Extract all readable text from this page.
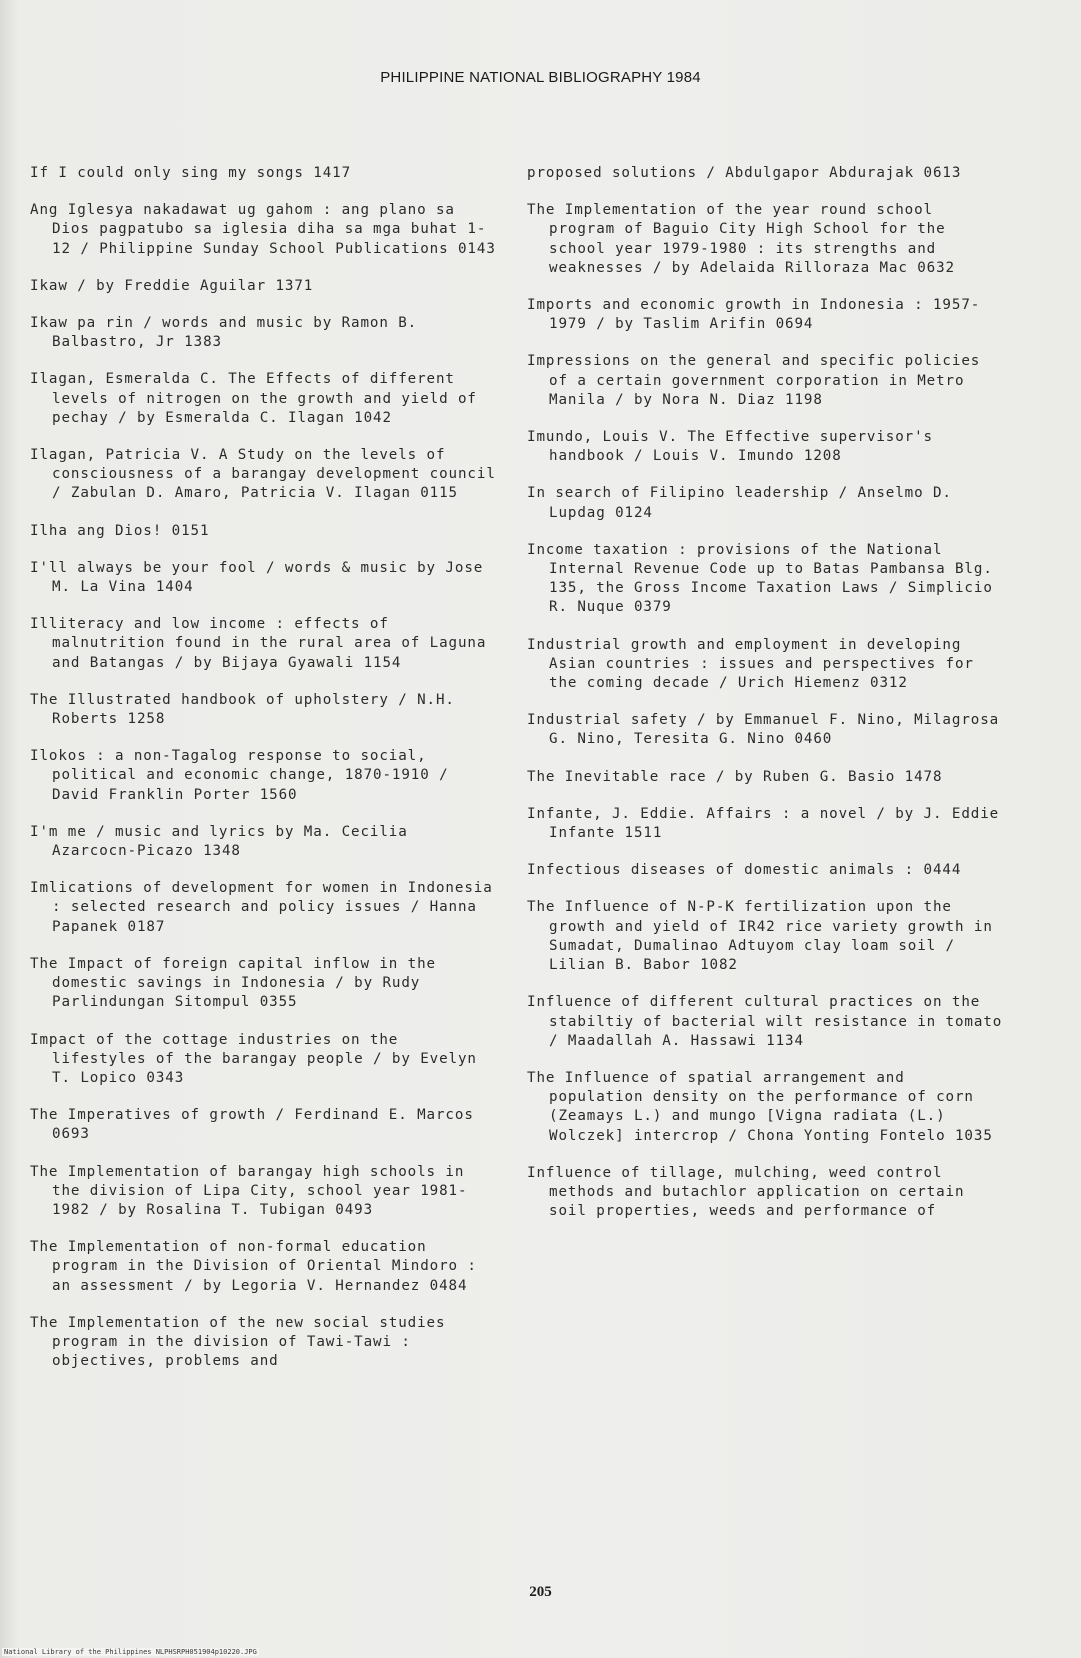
PHILIPPINE NATIONAL BIBLIOGRAPHY 1984

If I could only sing my songs 1417

Ang Iglesya nakadawat ug gahom : ang plano sa Dios pagpatubo sa iglesia diha sa mga buhat 1-12 / Philippine Sunday School Publications 0143

Ikaw / by Freddie Aguilar 1371

Ikaw pa rin / words and music by Ramon B. Balbastro, Jr 1383

Ilagan, Esmeralda C. The Effects of different levels of nitrogen on the growth and yield of pechay / by Esmeralda C. Ilagan 1042

Ilagan, Patricia V. A Study on the levels of consciousness of a barangay development council / Zabulan D. Amaro, Patricia V. Ilagan 0115

Ilha ang Dios! 0151

I'll always be your fool / words & music by Jose M. La Vina 1404

Illiteracy and low income : effects of malnutrition found in the rural area of Laguna and Batangas / by Bijaya Gyawali 1154

The Illustrated handbook of upholstery / N.H. Roberts 1258

Ilokos : a non-Tagalog response to social, political and economic change, 1870-1910 / David Franklin Porter 1560

I'm me / music and lyrics by Ma. Cecilia Azarcocn-Picazo 1348

Imlications of development for women in Indonesia : selected research and policy issues / Hanna Papanek 0187

The Impact of foreign capital inflow in the domestic savings in Indonesia / by Rudy Parlindungan Sitompul 0355

Impact of the cottage industries on the lifestyles of the barangay people / by Evelyn T. Lopico 0343

The Imperatives of growth / Ferdinand E. Marcos 0693

The Implementation of barangay high schools in the division of Lipa City, school year 1981-1982 / by Rosalina T. Tubigan 0493

The Implementation of non-formal education program in the Division of Oriental Mindoro : an assessment / by Legoria V. Hernandez 0484

The Implementation of the new social studies program in the division of Tawi-Tawi : objectives, problems and

proposed solutions / Abdulgapor Abdurajak 0613

The Implementation of the year round school program of Baguio City High School for the school year 1979-1980 : its strengths and weaknesses / by Adelaida Rilloraza Mac 0632

Imports and economic growth in Indonesia : 1957-1979 / by Taslim Arifin 0694

Impressions on the general and specific policies of a certain government corporation in Metro Manila / by Nora N. Diaz 1198

Imundo, Louis V. The Effective supervisor's handbook / Louis V. Imundo 1208

In search of Filipino leadership / Anselmo D. Lupdag 0124

Income taxation : provisions of the National Internal Revenue Code up to Batas Pambansa Blg. 135, the Gross Income Taxation Laws / Simplicio R. Nuque 0379

Industrial growth and employment in developing Asian countries : issues and perspectives for the coming decade / Urich Hiemenz 0312

Industrial safety / by Emmanuel F. Nino, Milagrosa G. Nino, Teresita G. Nino 0460

The Inevitable race / by Ruben G. Basio 1478

Infante, J. Eddie. Affairs : a novel / by J. Eddie Infante 1511

Infectious diseases of domestic animals : 0444

The Influence of N-P-K fertilization upon the growth and yield of IR42 rice variety growth in Sumadat, Dumalinao Adtuyom clay loam soil / Lilian B. Babor 1082

Influence of different cultural practices on the stabiltiy of bacterial wilt resistance in tomato / Maadallah A. Hassawi 1134

The Influence of spatial arrangement and population density on the performance of corn (Zeamays L.) and mungo [Vigna radiata (L.) Wolczek] intercrop / Chona Yonting Fontelo 1035

Influence of tillage, mulching, weed control methods and butachlor application on certain soil properties, weeds and performance of

205
National Library of the Philippines NLPHSRPH051904p10220.JPG
